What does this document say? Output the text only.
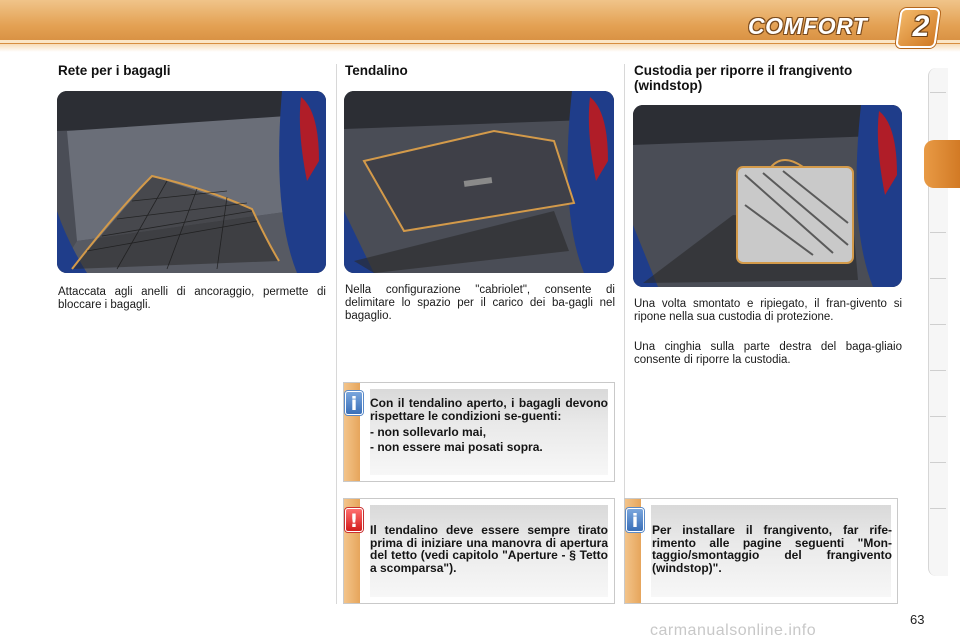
COMFORT 2
Rete per i bagagli

Attaccata agli anelli di ancoraggio, permette di bloccare i bagagli.

Tendalino

Nella configurazione "cabriolet", consente di delimitare lo spazio per il carico dei ba-gagli nel bagaglio.

i	Con il tendalino aperto, i bagagli devono rispettare le condizioni se-guenti:

- non sollevarlo mai,

- non essere mai posati sopra.

! Il tendalino deve essere sempre tirato prima di iniziare una manovra di apertura del tetto (vedi capitolo "Aperture - § Tetto a scomparsa").
Custodia per riporre il frangivento (windstop)

Una volta smontato e ripiegato, il fran-givento si ripone nella sua custodia di protezione.

Una cinghia sulla parte destra del baga-gliaio consente di riporre la custodia.

i	Per installare il frangivento, far rife-rimento alle pagine seguenti "Mon-taggio/smontaggio del frangivento (windstop)".
63
carmanualsonline.info
